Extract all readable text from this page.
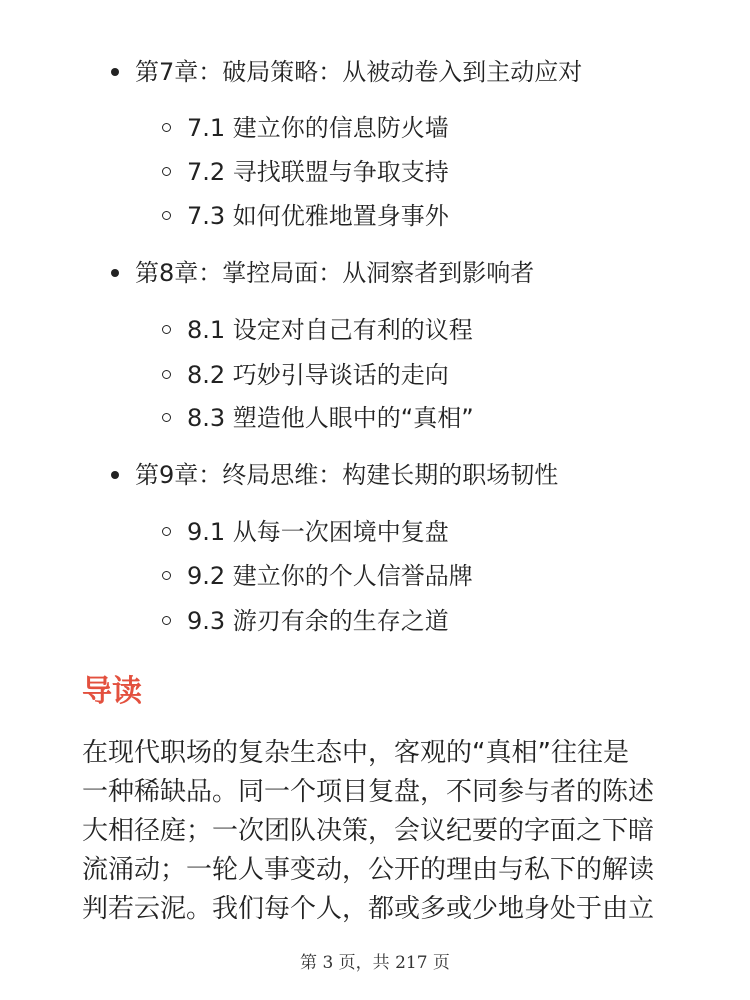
第7章：破局策略：从被动卷入到主动应对
7.1 建立你的信息防火墙
7.2 寻找联盟与争取支持
7.3 如何优雅地置身事外
第8章：掌控局面：从洞察者到影响者
8.1 设定对自己有利的议程
8.2 巧妙引导谈话的走向
8.3 塑造他人眼中的“真相”
第9章：终局思维：构建长期的职场韧性
9.1 从每一次困境中复盘
9.2 建立你的个人信誉品牌
9.3 游刃有余的生存之道
导读
在现代职场的复杂生态中，客观的“真相”往往是
一种稀缺品。同一个项目复盘，不同参与者的陈述
大相径庭；一次团队决策，会议纪要的字面之下暗
流涌动；一轮人事变动，公开的理由与私下的解读
判若云泥。我们每个人，都或多或少地身处于由立
第 3 页，共 217 页
